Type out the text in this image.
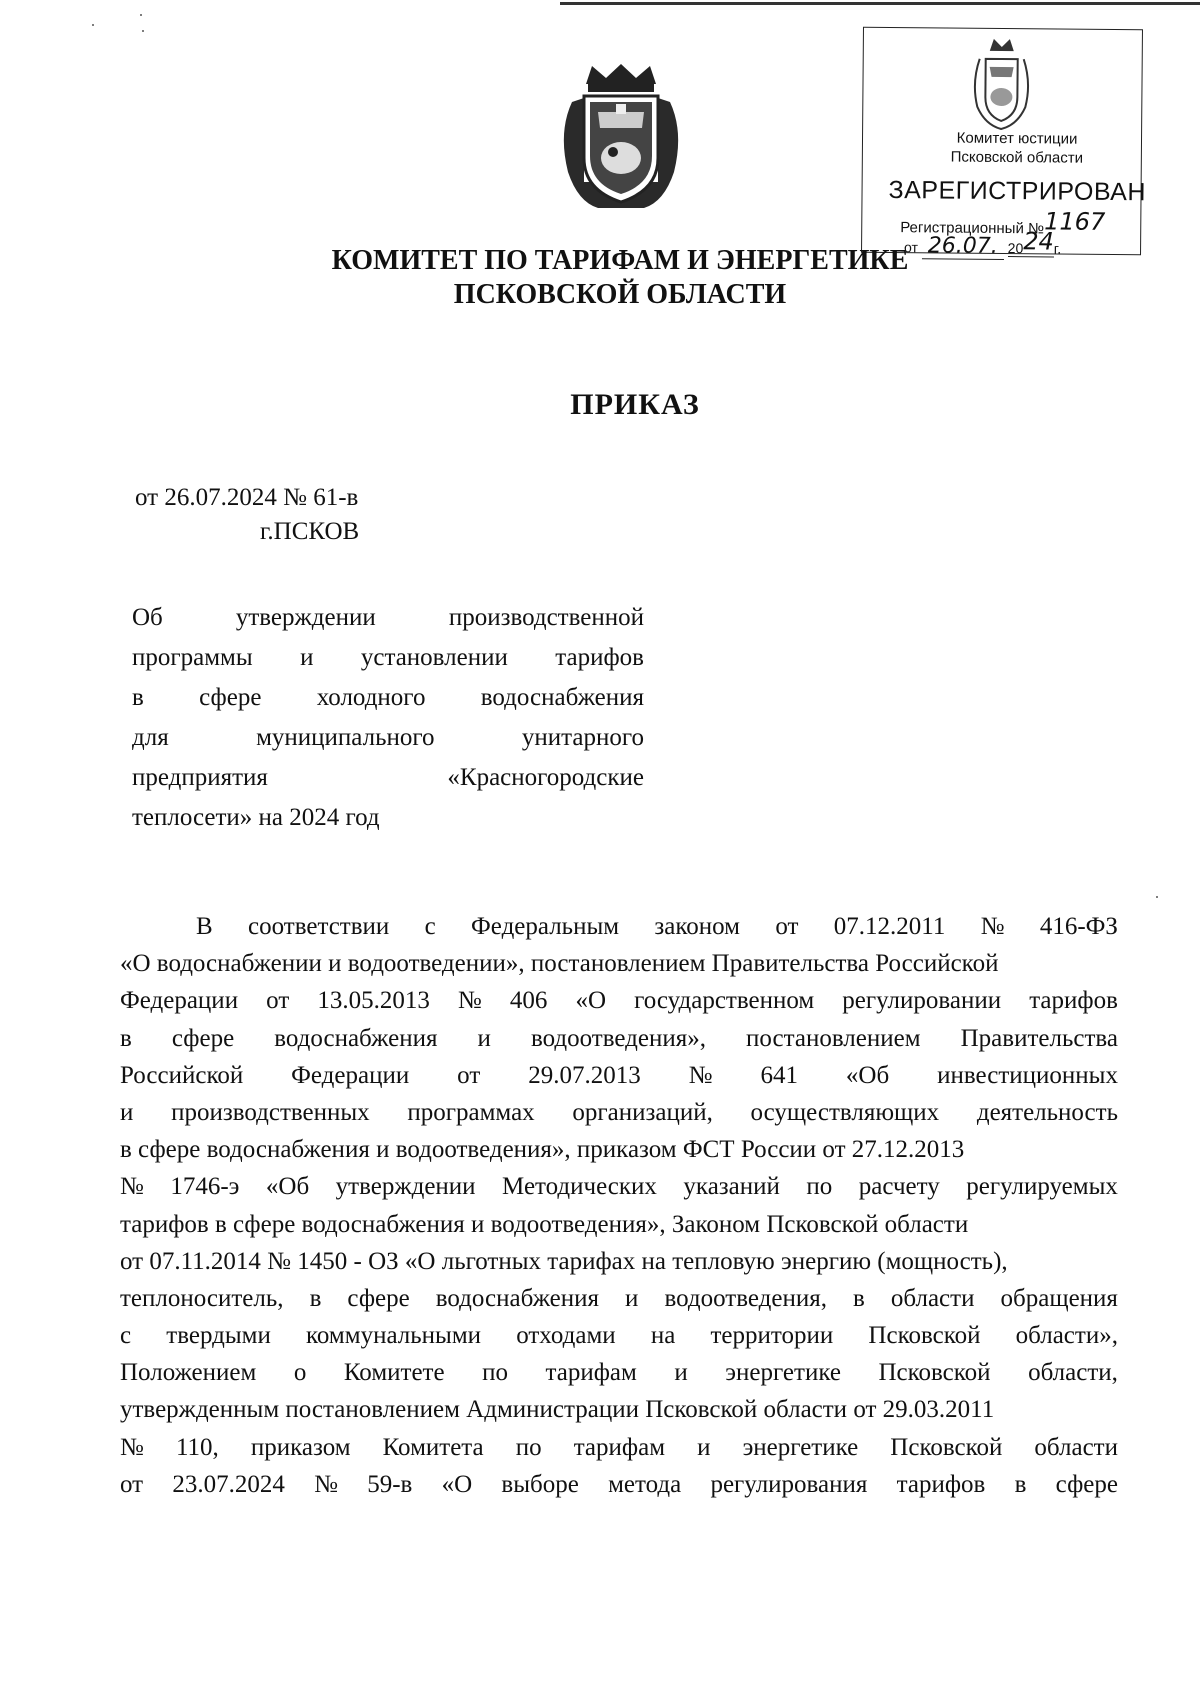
Комитет юстиции
Псковской области
ЗАРЕГИСТРИРОВАН
Регистрационный №1167
от 26.07. 2024г.
КОМИТЕТ ПО ТАРИФАМ И ЭНЕРГЕТИКЕ
ПСКОВСКОЙ ОБЛАСТИ
ПРИКАЗ
от 26.07.2024 № 61-в
г.ПСКОВ
Об	утверждении	производственной
программы и установлении тарифов
в сфере холодного водоснабжения
для	муниципального	унитарного
предприятия	«Красногородские
теплосети» на 2024 год
В соответствии с Федеральным законом от 07.12.2011 № 416-ФЗ
«О водоснабжении и водоотведении», постановлением Правительства Российской
Федерации от 13.05.2013 № 406 «О государственном регулировании тарифов
в сфере водоснабжения и водоотведения», постановлением Правительства
Российской Федерации от 29.07.2013 № 641 «Об инвестиционных
и производственных программах организаций, осуществляющих деятельность
в сфере водоснабжения и водоотведения», приказом ФСТ России от 27.12.2013
№ 1746-э «Об утверждении Методических указаний по расчету регулируемых
тарифов в сфере водоснабжения и водоотведения», Законом Псковской области
от 07.11.2014 № 1450 - ОЗ «О льготных тарифах на тепловую энергию (мощность),
теплоноситель, в сфере водоснабжения и водоотведения, в области обращения
с твердыми коммунальными отходами на территории Псковской области»,
Положением о Комитете по тарифам и энергетике Псковской области,
утвержденным постановлением Администрации Псковской области от 29.03.2011
№ 110, приказом Комитета по тарифам и энергетике Псковской области
от 23.07.2024 № 59-в «О выборе метода регулирования тарифов в сфере
